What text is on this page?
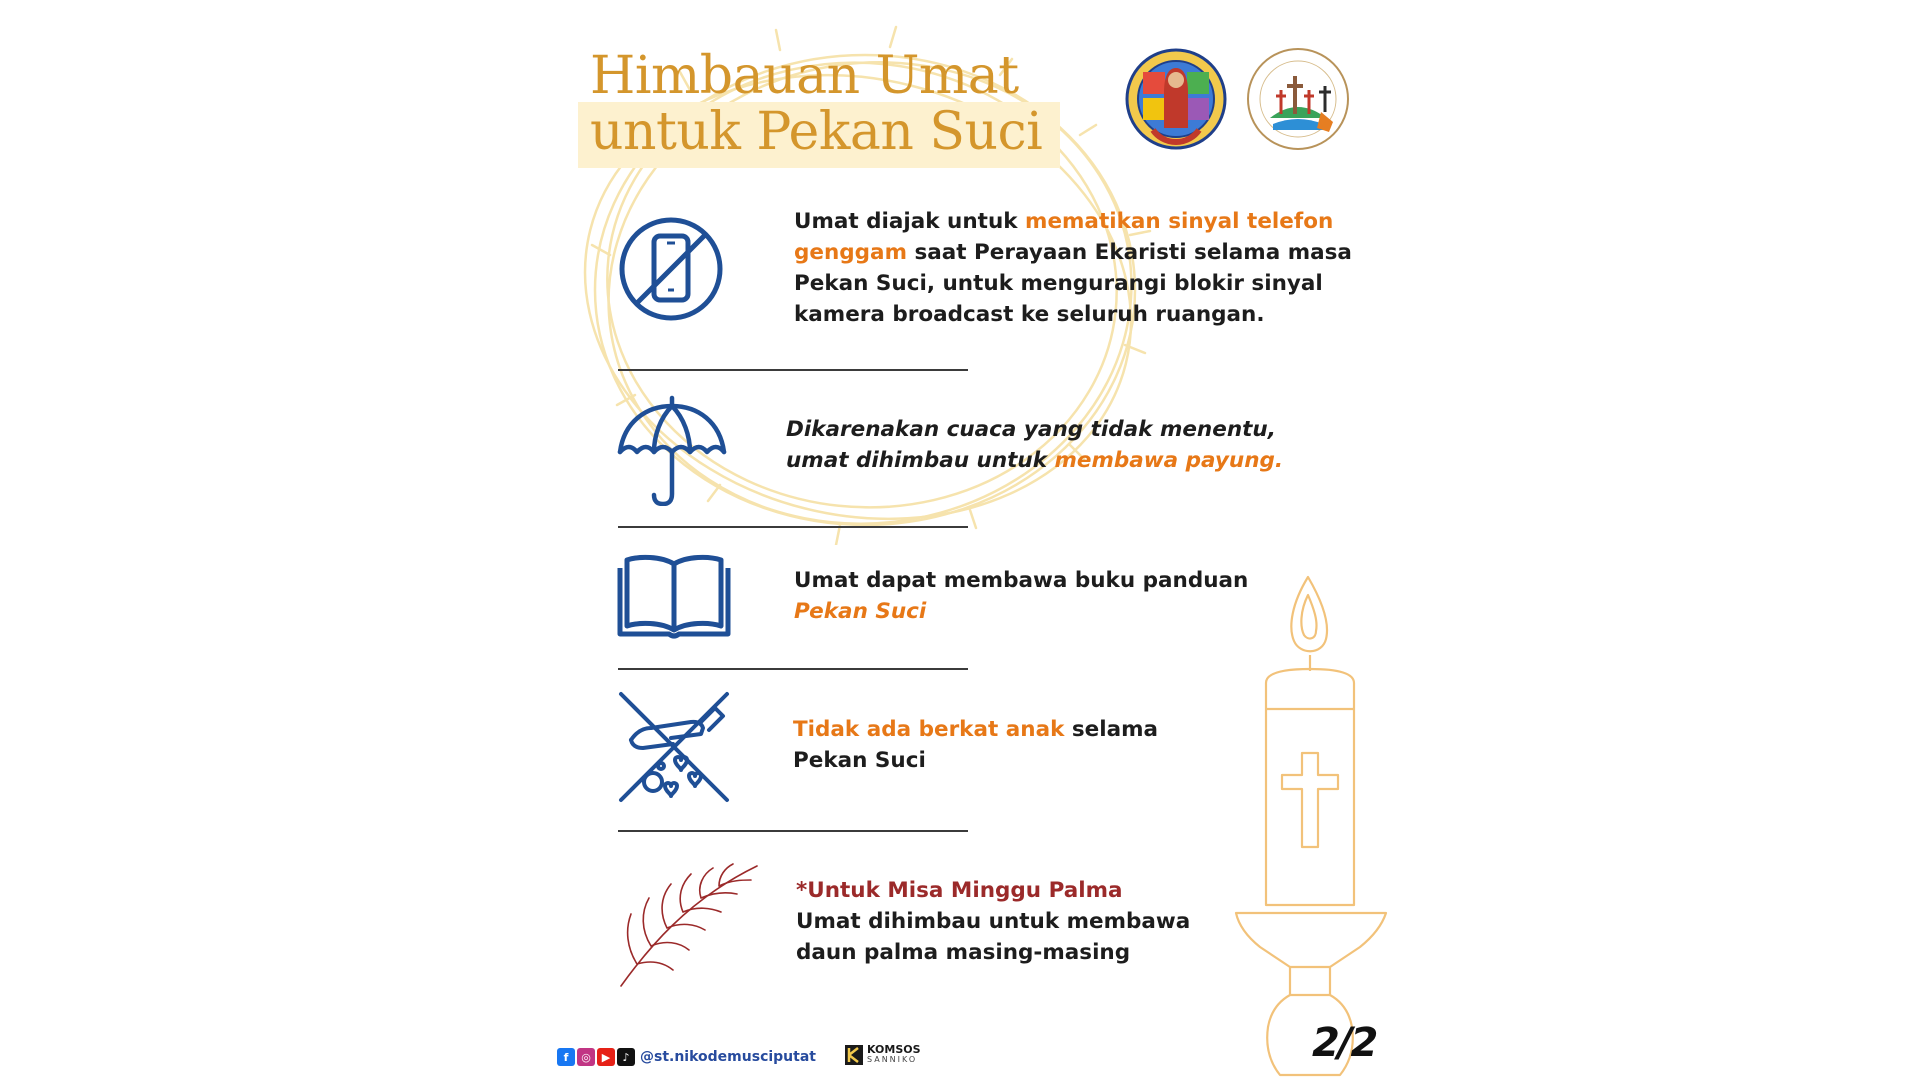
Himbauan Umat
untuk Pekan Suci
Umat diajak untuk mematikan sinyal telefon genggam saat Perayaan Ekaristi selama masa Pekan Suci, untuk mengurangi blokir sinyal kamera broadcast ke seluruh ruangan.
Dikarenakan cuaca yang tidak menentu,
umat dihimbau untuk membawa payung.
Umat dapat membawa buku panduan
Pekan Suci
Tidak ada berkat anak selama
Pekan Suci
*Untuk Misa Minggu Palma
Umat dihimbau untuk membawa
daun palma masing-masing
f	◎ ▶	♪ @st.nikodemusciputat	KOMSOS
SANNIKO	2/2
